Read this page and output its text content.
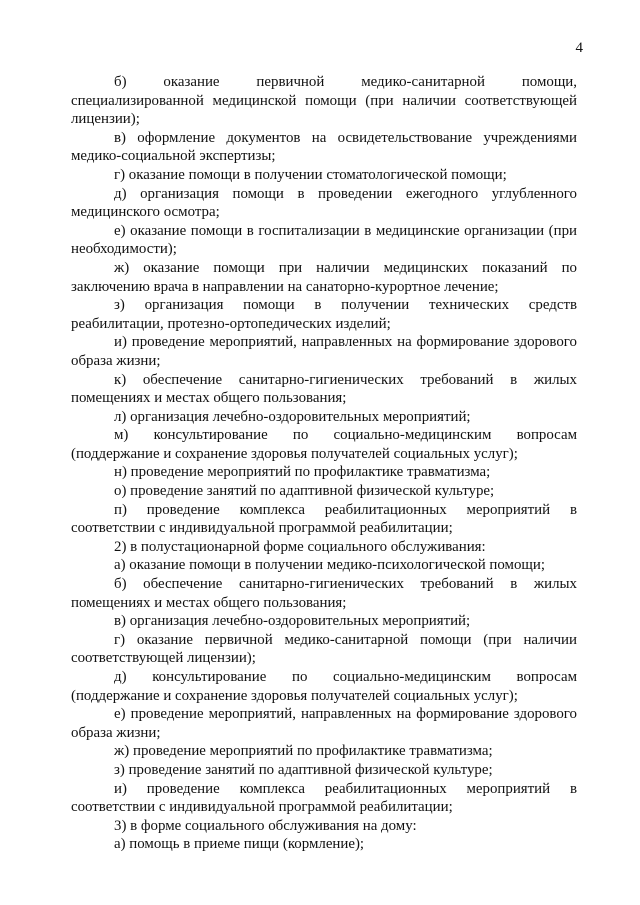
4

б) оказание первичной медико-санитарной помощи, специализированной медицинской помощи (при наличии соответствующей лицензии);

в) оформление документов на освидетельствование учреждениями медико-социальной экспертизы;

г) оказание помощи в получении стоматологической помощи;

д) организация помощи в проведении ежегодного углубленного медицинского осмотра;

е) оказание помощи в госпитализации в медицинские организации (при необходимости);

ж) оказание помощи при наличии медицинских показаний по заключению врача в направлении на санаторно-курортное лечение;

з) организация помощи в получении технических средств реабилитации, протезно-ортопедических изделий;

и) проведение мероприятий, направленных на формирование здорового образа жизни;

к) обеспечение санитарно-гигиенических требований в жилых помещениях и местах общего пользования;

л) организация лечебно-оздоровительных мероприятий;

м) консультирование по социально-медицинским вопросам (поддержание и сохранение здоровья получателей социальных услуг);

н) проведение мероприятий по профилактике травматизма;

о) проведение занятий по адаптивной физической культуре;

п) проведение комплекса реабилитационных мероприятий в соответствии с индивидуальной программой реабилитации;

2) в полустационарной форме социального обслуживания:

а) оказание помощи в получении медико-психологической помощи;

б) обеспечение санитарно-гигиенических требований в жилых помещениях и местах общего пользования;

в) организация лечебно-оздоровительных мероприятий;

г) оказание первичной медико-санитарной помощи (при наличии соответствующей лицензии);

д) консультирование по социально-медицинским вопросам (поддержание и сохранение здоровья получателей социальных услуг);

е) проведение мероприятий, направленных на формирование здорового образа жизни;

ж) проведение мероприятий по профилактике травматизма;

з) проведение занятий по адаптивной физической культуре;

и) проведение комплекса реабилитационных мероприятий в соответствии с индивидуальной программой реабилитации;

3) в форме социального обслуживания на дому:

а) помощь в приеме пищи (кормление);
